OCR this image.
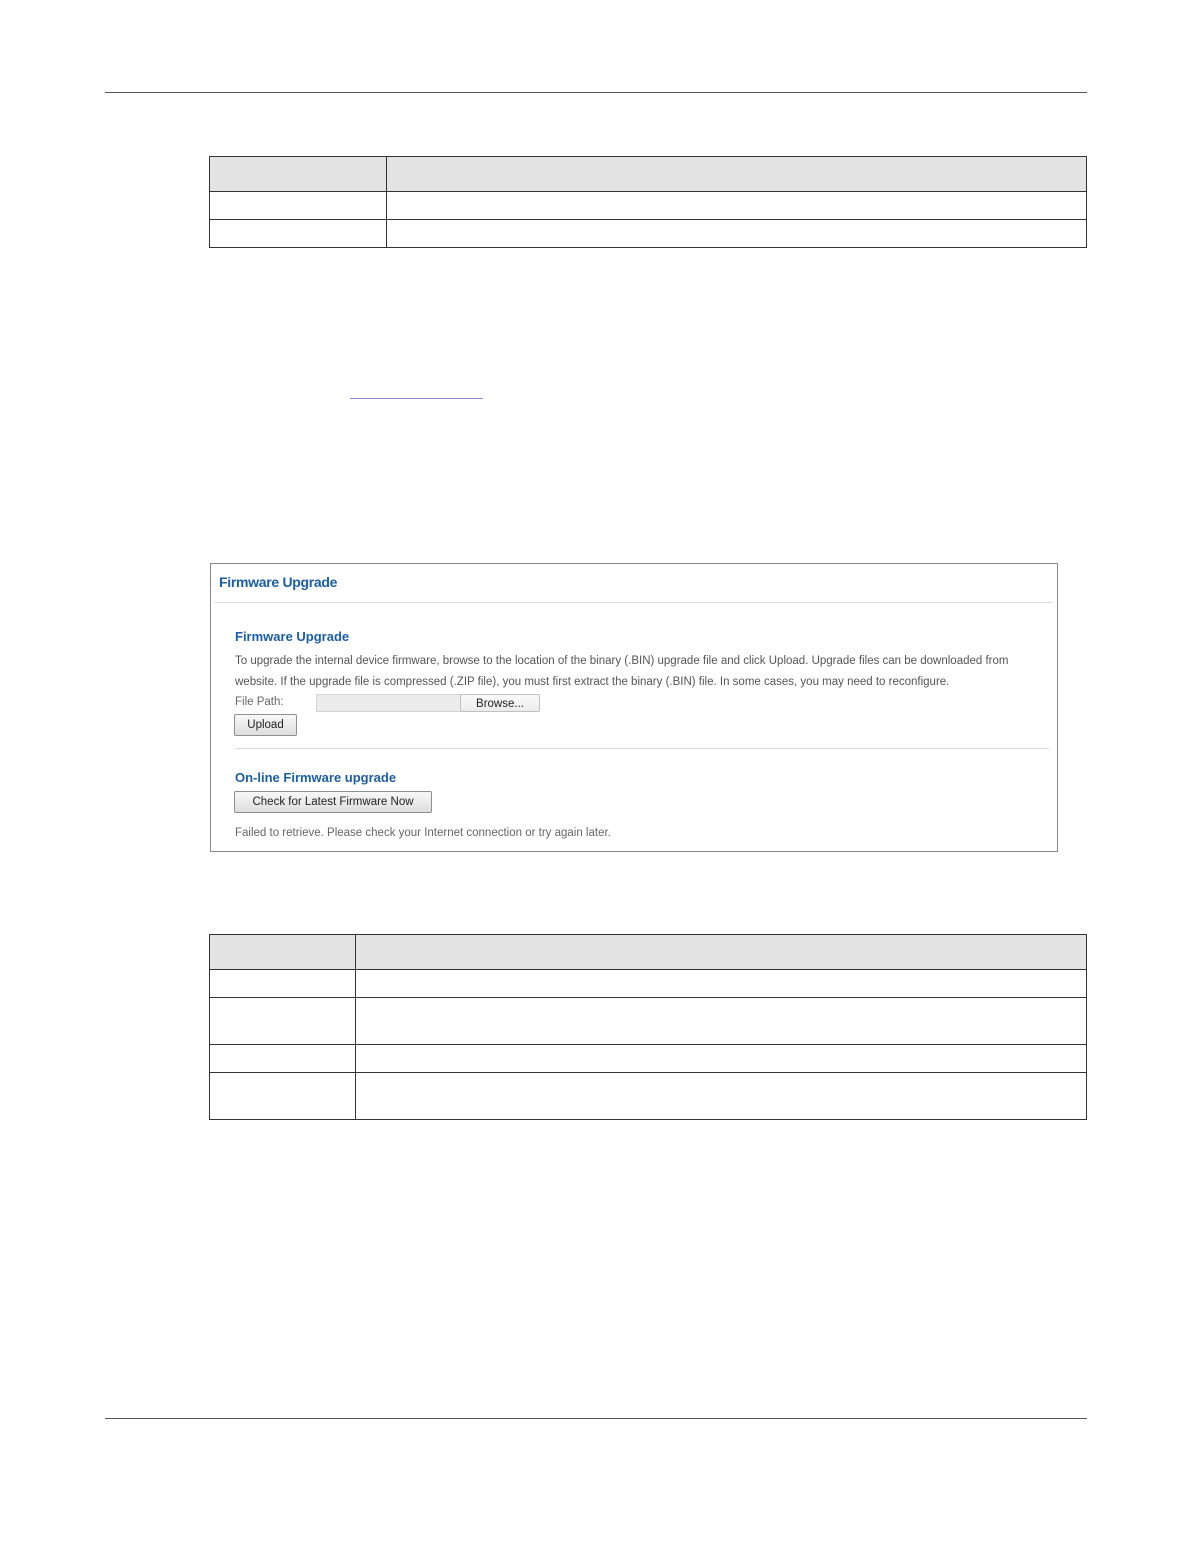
Firmware Upgrade
Firmware Upgrade
To upgrade the internal device firmware, browse to the location of the binary (.BIN) upgrade file and click Upload. Upgrade files can be downloaded from website. If the upgrade file is compressed (.ZIP file), you must first extract the binary (.BIN) file. In some cases, you may need to reconfigure.
File Path:	Browse...
Upload
On-line Firmware upgrade
Check for Latest Firmware Now
Failed to retrieve. Please check your Internet connection or try again later.
